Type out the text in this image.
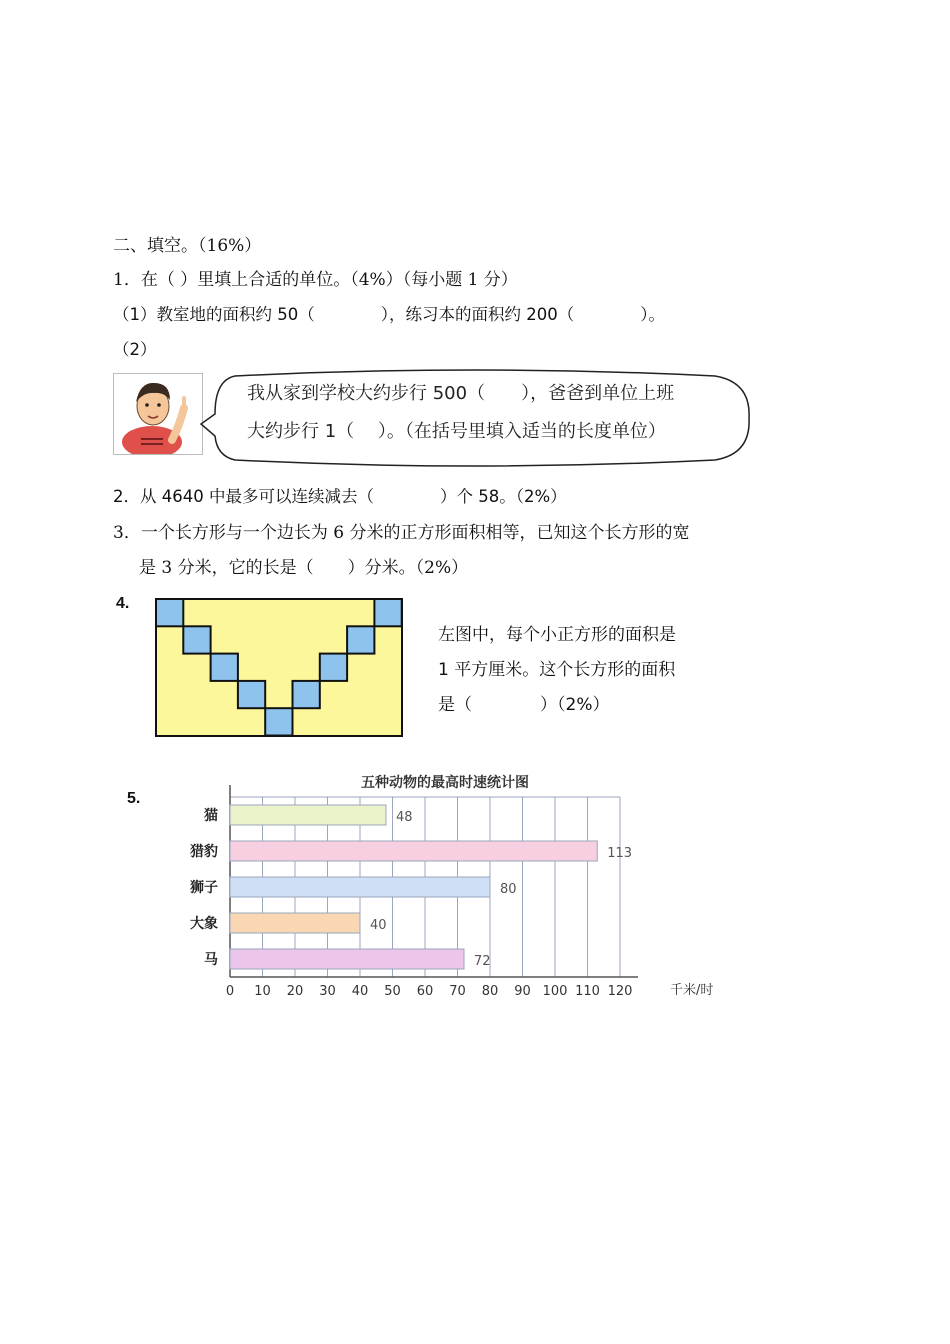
二、填空。（16%）
1．在（ ）里填上合适的单位。（4%）（每小题 1 分）
（1）教室地的面积约 50（　　　　），练习本的面积约 200（　　　　）。
（2）
我从家到学校大约步行 500（　　），爸爸到单位上班
大约步行 1（　 ）。（在括号里填入适当的长度单位）
2．从 4640 中最多可以连续减去（　　　　）个 58。（2%）
3．一个长方形与一个边长为 6 分米的正方形面积相等，已知这个长方形的宽
是 3 分米，它的长是（　　）分米。（2%）
4.
左图中，每个小正方形的面积是
1 平方厘米。这个长方形的面积
是（　　　　）（2%）
5.
五种动物的最高时速统计图
猫	48
猎豹	113
狮子	80
大象	40
马	72
0 10 20 30 40 50 60 70 80 90 100 110 120	千米/时
